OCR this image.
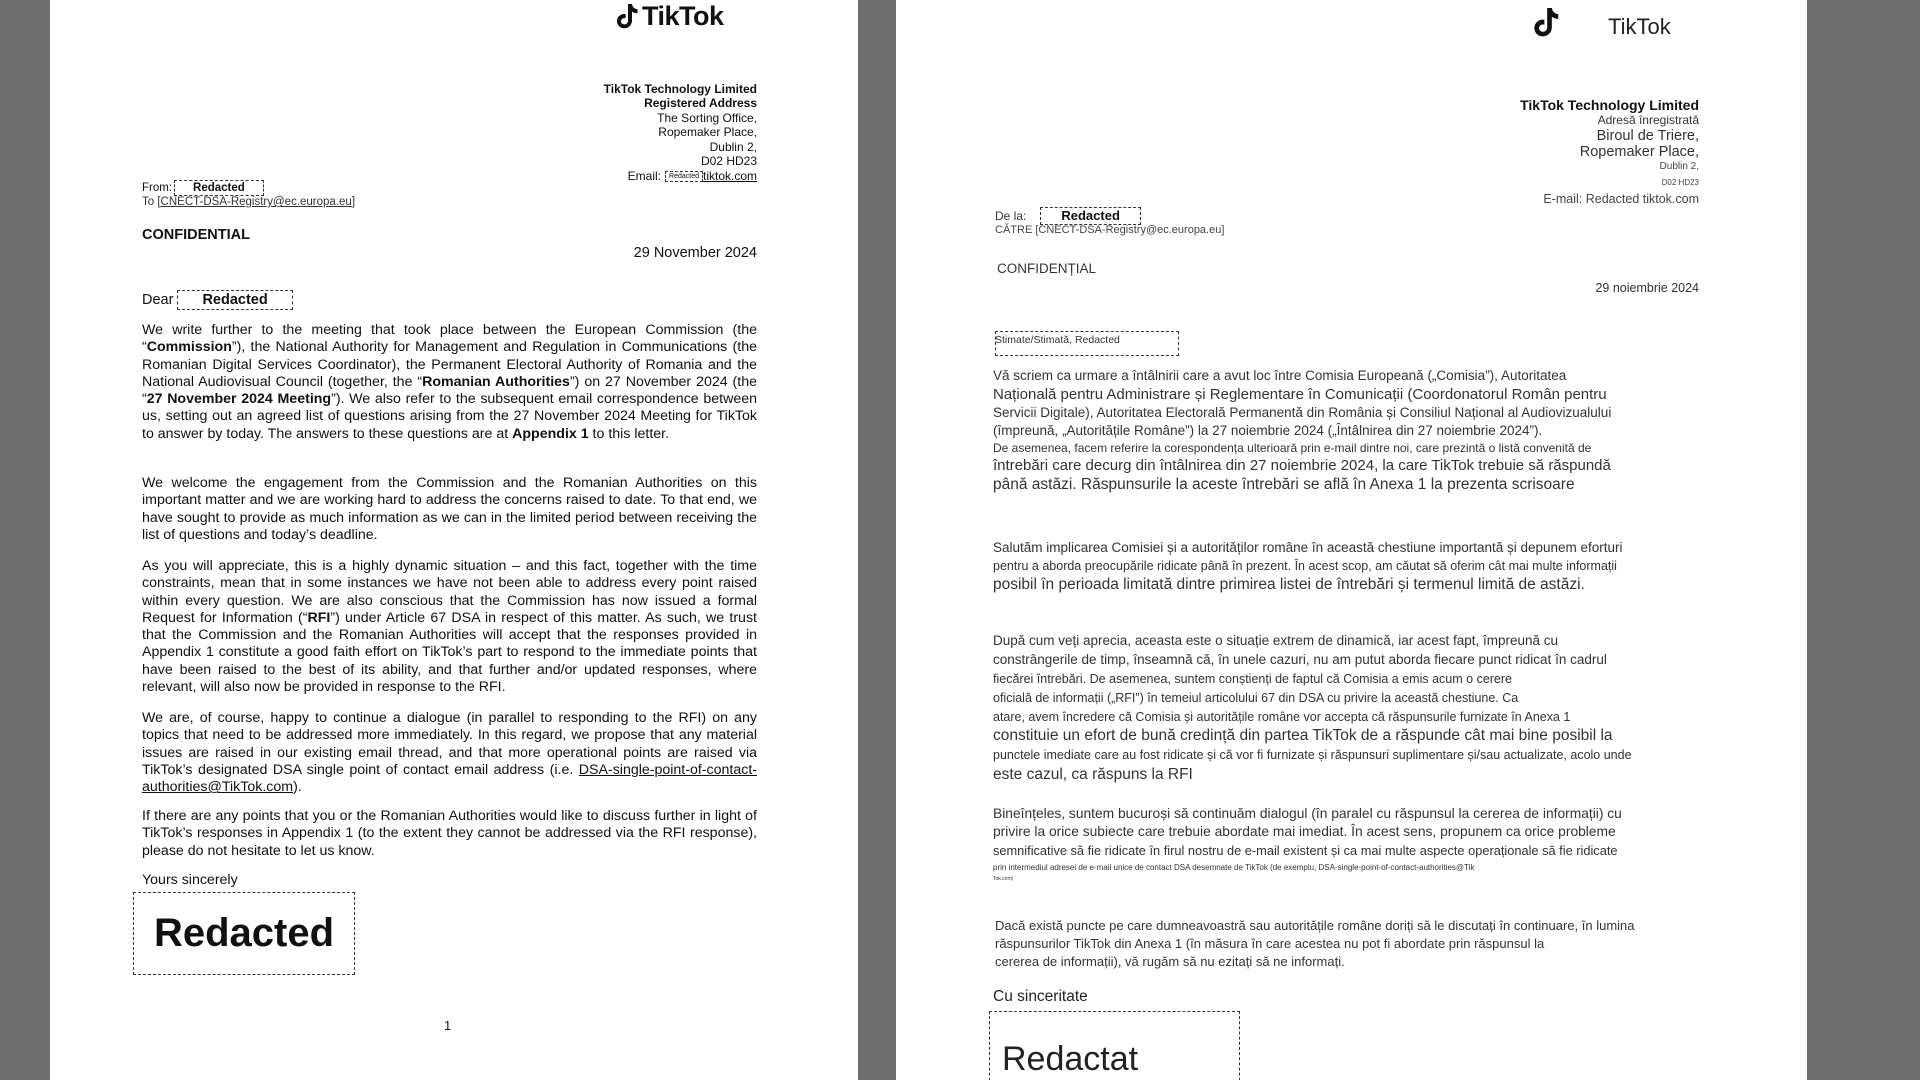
TikTok
TikTok Technology Limited
Registered Address
The Sorting Office,
Ropemaker Place,
Dublin 2,
D02 HD23
Email:	Redacted tiktok.com
From:	Redacted
To [CNECT-DSA-Registry@ec.europa.eu]
CONFIDENTIAL
29 November 2024
Dear	Redacted
We write further to the meeting that took place between the European Commission (the “Commission”), the National Authority for Management and Regulation in Communications (the Romanian Digital Services Coordinator), the Permanent Electoral Authority of Romania and the National Audiovisual Council (together, the “Romanian Authorities”) on 27 November 2024 (the “27 November 2024 Meeting”). We also refer to the subsequent email correspondence between us, setting out an agreed list of questions arising from the 27 November 2024 Meeting for TikTok to answer by today. The answers to these questions are at Appendix 1 to this letter.
We welcome the engagement from the Commission and the Romanian Authorities on this important matter and we are working hard to address the concerns raised to date. To that end, we have sought to provide as much information as we can in the limited period between receiving the list of questions and today’s deadline.
As you will appreciate, this is a highly dynamic situation – and this fact, together with the time constraints, mean that in some instances we have not been able to address every point raised within every question. We are also conscious that the Commission has now issued a formal Request for Information (“RFI”) under Article 67 DSA in respect of this matter. As such, we trust that the Commission and the Romanian Authorities will accept that the responses provided in Appendix 1 constitute a good faith effort on TikTok’s part to respond to the immediate points that have been raised to the best of its ability, and that further and/or updated responses, where relevant, will also now be provided in response to the RFI.
We are, of course, happy to continue a dialogue (in parallel to responding to the RFI) on any topics that need to be addressed more immediately. In this regard, we propose that any material issues are raised in our existing email thread, and that more operational points are raised via TikTok’s designated DSA single point of contact email address (i.e. DSA-single-point-of-contact-authorities@TikTok.com).
If there are any points that you or the Romanian Authorities would like to discuss further in light of TikTok’s responses in Appendix 1 (to the extent they cannot be addressed via the RFI response), please do not hesitate to let us know.
Yours sincerely
Redacted
1
TikTok
TikTok Technology Limited
Adresă înregistrată
Biroul de Triere,
Ropemaker Place,
Dublin 2,
D02 HD23
E-mail: Redacted tiktok.com
De la:	Redacted
CĂTRE [CNECT-DSA-Registry@ec.europa.eu]
CONFIDENȚIAL
29 noiembrie 2024
Stimate/Stimată, Redacted
Vă scriem ca urmare a întâlnirii care a avut loc între Comisia Europeană („Comisia”), Autoritatea
Națională pentru Administrare și Reglementare în Comunicații (Coordonatorul Român pentru
Servicii Digitale), Autoritatea Electorală Permanentă din România și Consiliul Național al Audiovizualului
(împreună, „Autoritățile Române”) la 27 noiembrie 2024 („Întâlnirea din 27 noiembrie 2024”).
De asemenea, facem referire la corespondența ulterioară prin e-mail dintre noi, care prezintă o listă convenită de
întrebări care decurg din întâlnirea din 27 noiembrie 2024, la care TikTok trebuie să răspundă
până astăzi. Răspunsurile la aceste întrebări se află în Anexa 1 la prezenta scrisoare
Salutăm implicarea Comisiei și a autorităților române în această chestiune importantă și depunem eforturi
pentru a aborda preocupările ridicate până în prezent. În acest scop, am căutat să oferim cât mai multe informații
posibil în perioada limitată dintre primirea listei de întrebări și termenul limită de astăzi.
După cum veți aprecia, aceasta este o situație extrem de dinamică, iar acest fapt, împreună cu
constrângerile de timp, înseamnă că, în unele cazuri, nu am putut aborda fiecare punct ridicat în cadrul
fiecărei întrebări. De asemenea, suntem conștienți de faptul că Comisia a emis acum o cerere
oficială de informații („RFI”) în temeiul articolului 67 din DSA cu privire la această chestiune. Ca
atare, avem încredere că Comisia și autoritățile române vor accepta că răspunsurile furnizate în Anexa 1
constituie un efort de bună credință din partea TikTok de a răspunde cât mai bine posibil la
punctele imediate care au fost ridicate și că vor fi furnizate și răspunsuri suplimentare și/sau actualizate, acolo unde
este cazul, ca răspuns la RFI
Bineînțeles, suntem bucuroși să continuăm dialogul (în paralel cu răspunsul la cererea de informații) cu
privire la orice subiecte care trebuie abordate mai imediat. În acest sens, propunem ca orice probleme
semnificative să fie ridicate în firul nostru de e-mail existent și ca mai multe aspecte operaționale să fie ridicate
prin intermediul adresei de e-mail unice de contact DSA desemnate de TikTok (de exemplu, DSA-single-point-of-contact-authorities@Tik
Tok.com)
Dacă există puncte pe care dumneavoastră sau autoritățile române doriți să le discutați în continuare, în lumina
răspunsurilor TikTok din Anexa 1 (în măsura în care acestea nu pot fi abordate prin răspunsul la
cererea de informații), vă rugăm să nu ezitați să ne informați.
Cu sinceritate
Redactat
